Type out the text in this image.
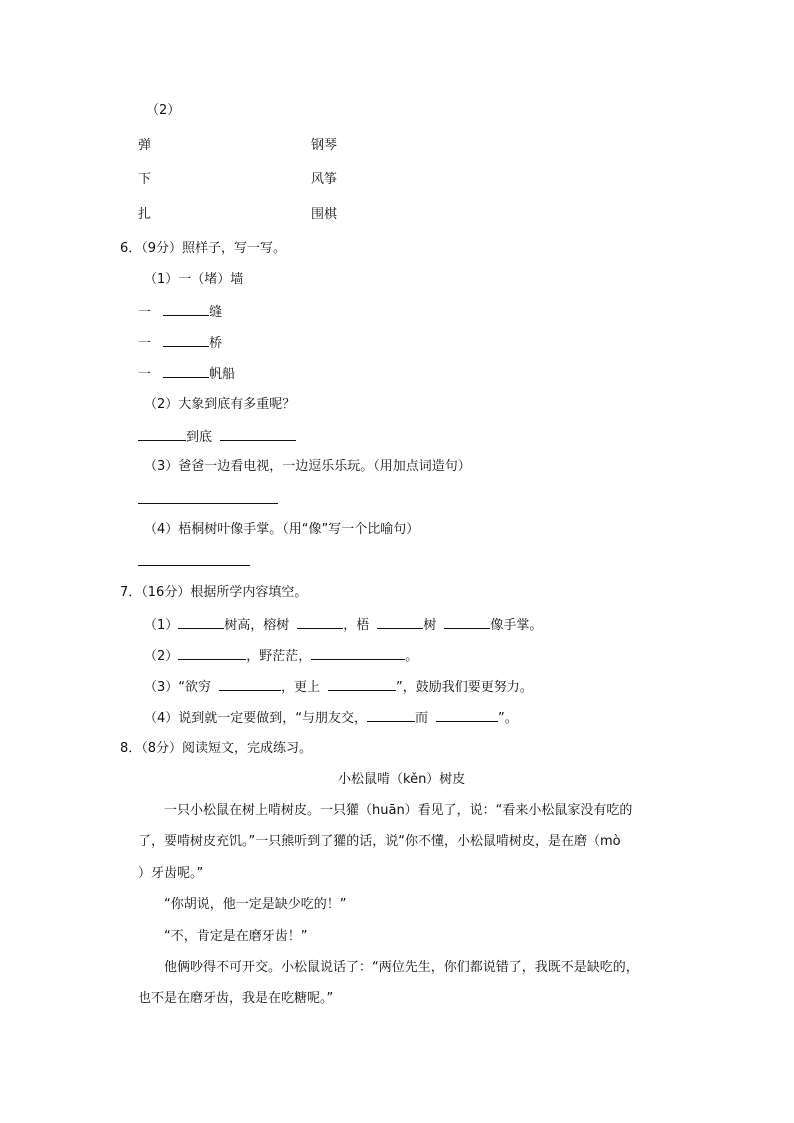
（2）
弹	钢琴
下	风筝
扎	围棋
6．（9分）照样子，写一写。
（1）一（堵）墙
一	缝
一	桥
一	帆船
（2）大象到底有多重呢？
到底
（3）爸爸一边看电视，一边逗乐乐玩。（用加点词造句）
（4）梧桐树叶像手掌。（用“像”写一个比喻句）
7．（16分）根据所学内容填空。
（1）	树高，榕树	，梧	树	像手掌。
（2）	，野茫茫，	。
（3）“欲穷	，更上	”，鼓励我们要更努力。
（4）说到就一定要做到，“与朋友交，	而	”。
8．（8分）阅读短文，完成练习。
小松鼠啃（kěn）树皮
一只小松鼠在树上啃树皮。一只獾（huān）看见了，说：“看来小松鼠家没有吃的
了，要啃树皮充饥。”一只熊听到了獾的话，说“你不懂，小松鼠啃树皮，是在磨（mò
）牙齿呢。”
“你胡说，他一定是缺少吃的！”
“不，肯定是在磨牙齿！”
他俩吵得不可开交。小松鼠说话了：“两位先生，你们都说错了，我既不是缺吃的，
也不是在磨牙齿，我是在吃糖呢。”
